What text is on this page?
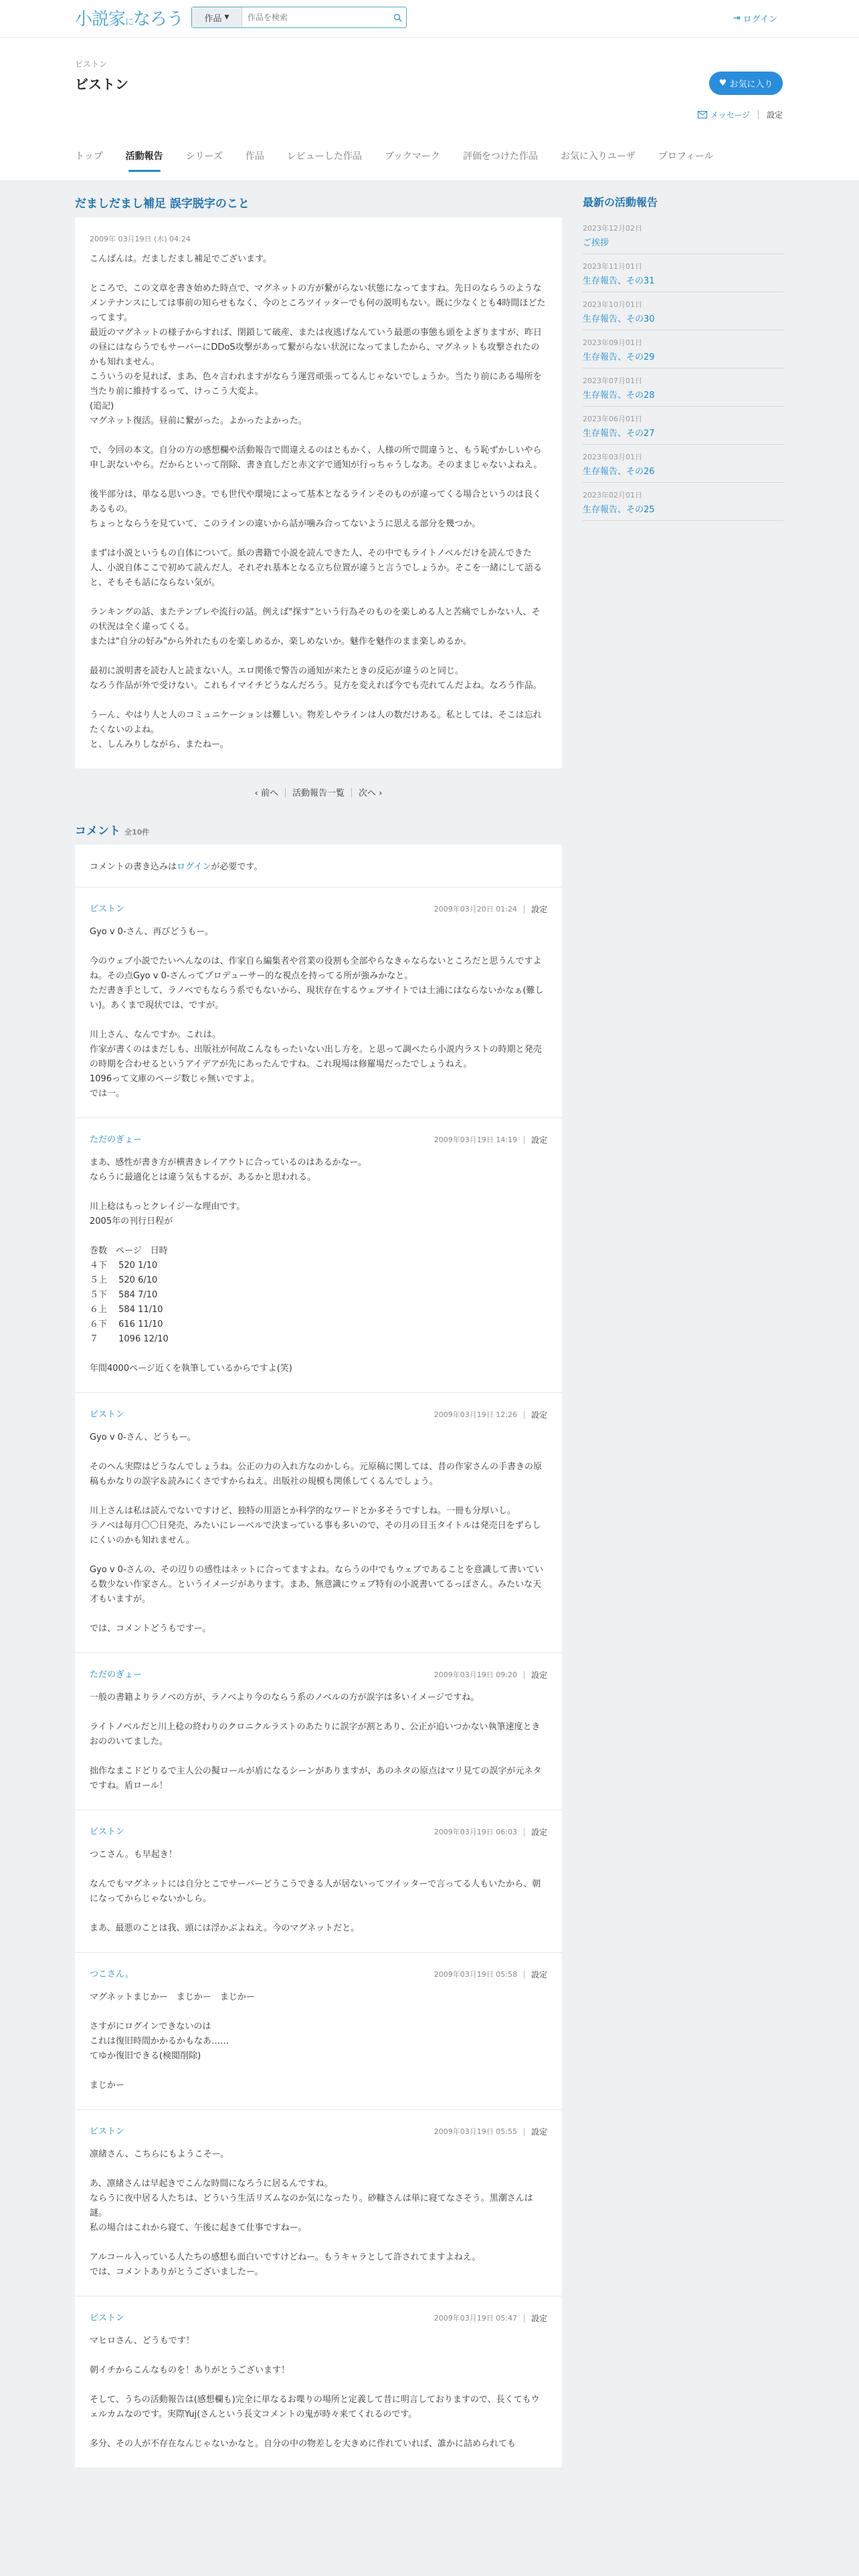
小説家になろう 作品 ▼
作品を検索	⇥ ログイン
ビストン
ビストン	♥ お気に入り
メッセージ 設定
トップ 活動報告 シリーズ 作品 レビューした作品 ブックマーク 評価をつけた作品 お気に入りユーザ プロフィール
だましだまし補足 誤字脱字のこと
2009年 03月19日 (木) 04:24

こんばんは。だましだまし補足でございます。

ところで、この文章を書き始めた時点で、マグネットの方が繋がらない状態になってますね。先日のならうのようなメンテナンスにしては事前の知らせもなく、今のところツイッターでも何の説明もない。既に少なくとも4時間ほどたってます。
最近のマグネットの様子からすれば、閉鎖して破産、または夜逃げなんていう最悪の事態も頭をよぎりますが、昨日の昼にはならうでもサーバーにDDoS攻撃があって繋がらない状況になってましたから、マグネットも攻撃されたのかも知れません。
こういうのを見れば、まあ、色々言われますがならう運営頑張ってるんじゃないでしょうか。当たり前にある場所を当たり前に維持するって、けっこう大変よ。
(追記)
マグネット復活。昼前に繋がった。よかったよかった。

で、今回の本文。自分の方の感想欄や活動報告で間違えるのはともかく、人様の所で間違うと、もう恥ずかしいやら申し訳ないやら。だからといって削除、書き直しだと赤文字で通知が行っちゃうしなあ。そのままじゃないよねえ。

後半部分は、単なる思いつき。でも世代や環境によって基本となるラインそのものが違ってくる場合というのは良くあるもの。
ちょっとならうを見ていて、このラインの違いから話が噛み合ってないように思える部分を幾つか。

まずは小説というもの自体について。紙の書籍で小説を読んできた人、その中でもライトノベルだけを読んできた人、小説自体ここで初めて読んだ人。それぞれ基本となる立ち位置が違うと言うでしょうか。そこを一緒にして語ると、そもそも話にならない気が。

ランキングの話、またテンプレや流行の話。例えば"探す"という行為そのものを楽しめる人と苦痛でしかない人、その状況は全く違ってくる。
または"自分の好み"から外れたものを楽しめるか、楽しめないか。魅作を魅作のまま楽しめるか。

最初に説明書を読む人と読まない人。エロ関係で警告の通知が来たときの反応が違うのと同じ。
なろう作品が外で受けない。これもイマイチどうなんだろう。見方を変えれば今でも売れてんだよね。なろう作品。

うーん、やはり人と人のコミュニケーションは難しい。物差しやラインは人の数だけある。私としては、そこは忘れたくないのよね。
と、しんみりしながら、またねー。

‹ 前へ 活動報告一覧 次へ ›
コメント 全10件
コメントの書き込みはログインが必要です。
ビストン	2009年03月20日 01:24 設定

Gyo v 0-さん、再びどうもー。

今のウェブ小説でたいへんなのは、作家自ら編集者や営業の役割も全部やらなきゃならないところだと思うんですよね。その点Gyo v 0-さんってプロデューサー的な視点を持ってる所が強みかなと。
ただ書き手として、ラノベでもならう系でもないから、現状存在するウェブサイトでは土浦にはならないかなぁ(難しい)。あくまで現状では、ですが。

川上さん、なんですか。これは。
作家が書くのはまだしも、出版社が何故こんなもったいない出し方を。と思って調べたら小説内ラストの時期と発売の時期を合わせるというアイデアが先にあったんですね。これ現場は修羅場だったでしょうねえ。
1096って文庫のページ数じゃ無いですよ。
では一。

ただのぎょー	2009年03月19日 14:19 設定

まあ、感性が書き方が横書きレイアウトに合っているのはあるかなー。
ならうに最適化とは違う気もするが、あるかと思われる。

川上稔はもっとクレイジーな理由です。
2005年の刊行日程が

巻数　ページ　日時
４下　 520 1/10
５上　 520 6/10
５下　 584 7/10
６上　 584 11/10
６下　 616 11/10
７　　 1096 12/10

年間4000ページ近くを執筆しているからですよ(笑)

ビストン	2009年03月19日 12:26 設定

Gyo v 0-さん、どうもー。

そのへん実際はどうなんでしょうね。公正の力の入れ方なのかしら。元原稿に関しては、昔の作家さんの手書きの原稿もかなりの誤字＆読みにくさですからねえ。出版社の規模も関係してくるんでしょう。

川上さんは私は読んでないですけど、独特の用語とか科学的なワードとか多そうですしね。一冊も分厚いし。
ラノベは毎月〇〇日発売、みたいにレーベルで決まっている事も多いので、その月の目玉タイトルは発売日をずらしにくいのかも知れません。

Gyo v 0-さんの、その辺りの感性はネットに合ってますよね。ならうの中でもウェブであることを意識して書いている数少ない作家さん。というイメージがあります。まあ、無意識にウェブ特有の小説書いてるっぽさん。みたいな天才もいますが。

では、コメントどうもですー。

ただのぎょー	2009年03月19日 09:20 設定

一般の書籍よりラノベの方が、ラノベより今のならう系のノベルの方が誤字は多いイメージですね。

ライトノベルだと川上稔の終わりのクロニクルラストのあたりに誤字が割とあり、公正が追いつかない執筆速度ときおののいてました。

拙作なまこドどりるで主人公の擬ロールが盾になるシーンがありますが、あのネタの原点はマリ見ての誤字が元ネタですね。盾ロール！

ビストン	2009年03月19日 06:03 設定

つこさん。も早起き！

なんでもマグネットには自分とこでサーバーどうこうできる人が居ないってツイッターで言ってる人もいたから、朝になってからじゃないかしら。

まあ、最悪のことは我、頭には浮かぶよねえ。今のマグネットだと。

つこさん。	2009年03月19日 05:58 設定

マグネットまじかー　まじかー　まじかー

さすがにログインできないのは
これは復旧時間かかるかもなあ……
てゆか復旧できる(検閲削除)

まじかー

ビストン	2009年03月19日 05:55 設定

凛緒さん、こちらにもようこそー。

あ、凛緒さんは早起きでこんな時間になろうに居るんですね。
ならうに夜中居る人たちは、どういう生活リズムなのか気になったり。砂糠さんは単に寝てなさそう。黒潮さんは謎。
私の場合はこれから寝て、午後に起きて仕事ですねー。

アルコール入っている人たちの感想も面白いですけどねー。もうキャラとして許されてますよねえ。
では、コメントありがとうございましたー。

ビストン	2009年03月19日 05:47 設定

マヒロさん、どうもです！

朝イチからこんなものを！ありがとうございます！

そして、うちの活動報告は(感想欄も)完全に単なるお喋りの場所と定義して昔に明言しておりますので、長くてもウェルカムなのです。実際Yuj(さんという長文コメントの鬼が時々来てくれるのです。

多分、その人が不存在なんじゃないかなと。自分の中の物差しを大きめに作れていれば、誰かに詰められても

最新の活動報告
2023年12月02日
ご挨拶
2023年11月01日
生存報告、その31
2023年10月01日
生存報告、その30
2023年09月01日
生存報告、その29
2023年07月01日
生存報告、その28
2023年06月01日
生存報告、その27
2023年03月01日
生存報告、その26
2023年02月01日
生存報告、その25
